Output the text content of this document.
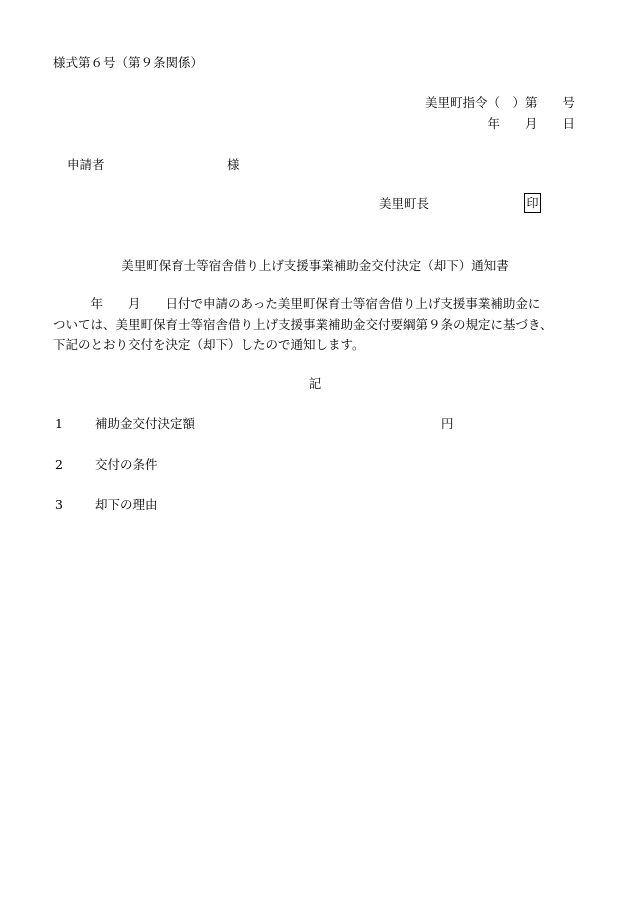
様式第６号（第９条関係）
美里町指令（　）第　　号
年　　月　　日
申請者	様
美里町長	印
美里町保育士等宿舎借り上げ支援事業補助金交付決定（却下）通知書
　　　年　　月　　日付で申請のあった美里町保育士等宿舎借り上げ支援事業補助金に
ついては、美里町保育士等宿舎借り上げ支援事業補助金交付要綱第９条の規定に基づき、
下記のとおり交付を決定（却下）したので通知します。
記
1	補助金交付決定額	円
2	交付の条件
3	却下の理由
